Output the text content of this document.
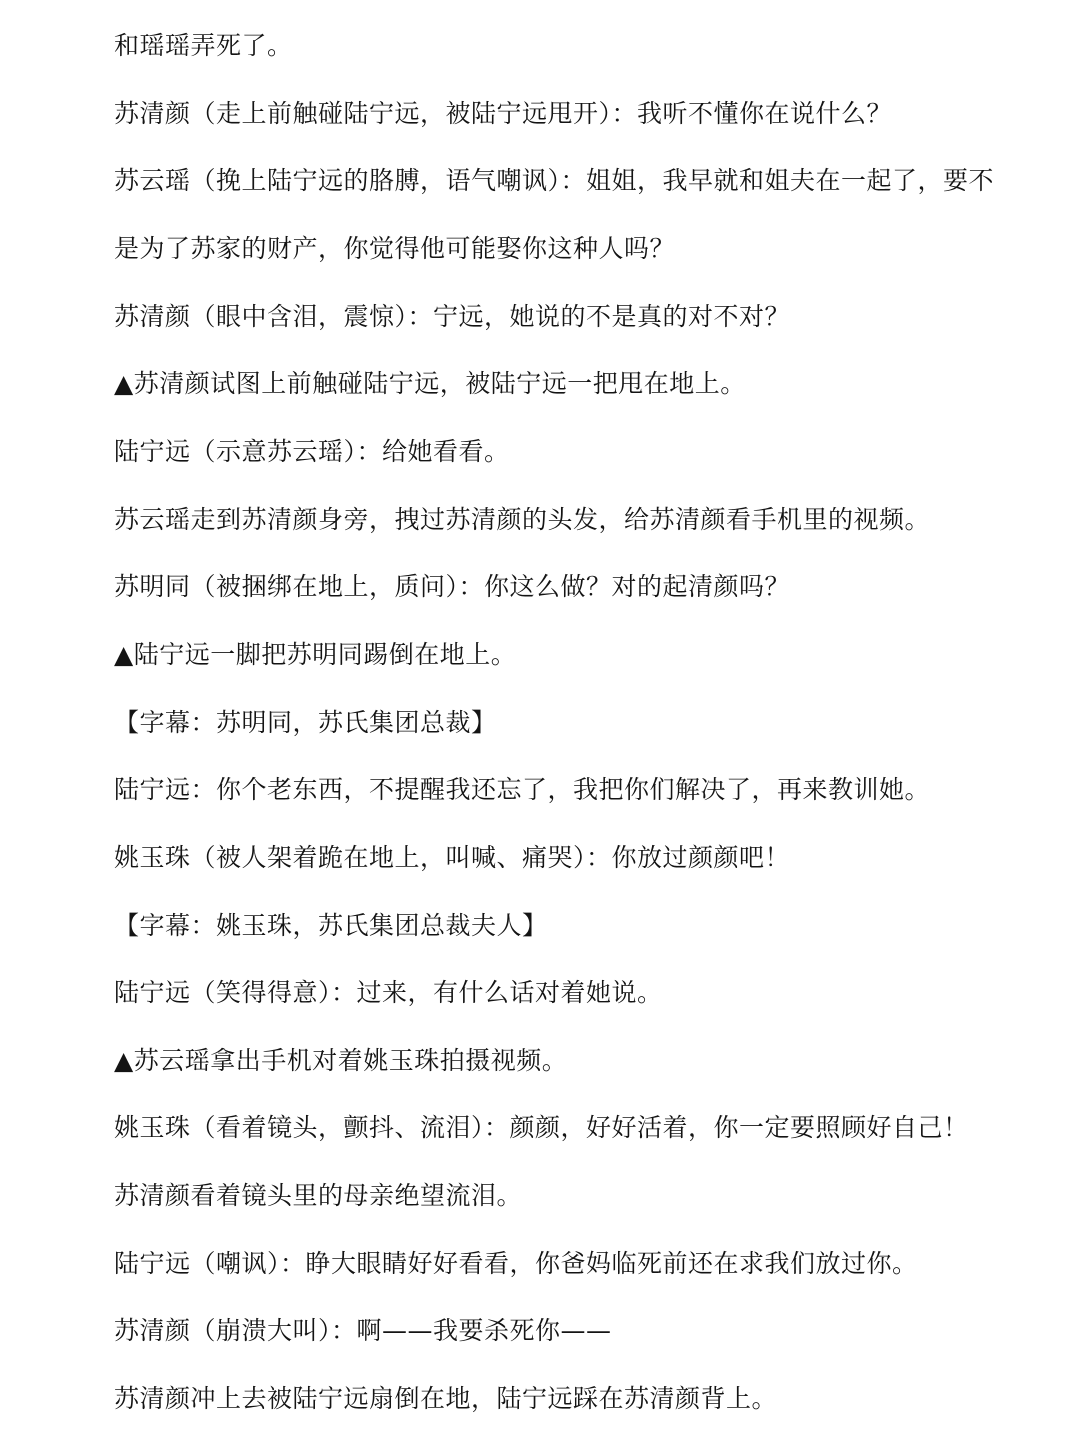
和瑶瑶弄死了。
苏清颜（走上前触碰陆宁远，被陆宁远甩开）：我听不懂你在说什么？
苏云瑶（挽上陆宁远的胳膊，语气嘲讽）：姐姐，我早就和姐夫在一起了，要不
是为了苏家的财产，你觉得他可能娶你这种人吗？
苏清颜（眼中含泪，震惊）：宁远，她说的不是真的对不对？
▲苏清颜试图上前触碰陆宁远，被陆宁远一把甩在地上。
陆宁远（示意苏云瑶）：给她看看。
苏云瑶走到苏清颜身旁，拽过苏清颜的头发，给苏清颜看手机里的视频。
苏明同（被捆绑在地上，质问）：你这么做？对的起清颜吗？
▲陆宁远一脚把苏明同踢倒在地上。
【字幕：苏明同，苏氏集团总裁】
陆宁远：你个老东西，不提醒我还忘了，我把你们解决了，再来教训她。
姚玉珠（被人架着跪在地上，叫喊、痛哭）：你放过颜颜吧！
【字幕：姚玉珠，苏氏集团总裁夫人】
陆宁远（笑得得意）：过来，有什么话对着她说。
▲苏云瑶拿出手机对着姚玉珠拍摄视频。
姚玉珠（看着镜头，颤抖、流泪）：颜颜，好好活着，你一定要照顾好自己！
苏清颜看着镜头里的母亲绝望流泪。
陆宁远（嘲讽）：睁大眼睛好好看看，你爸妈临死前还在求我们放过你。
苏清颜（崩溃大叫）：啊——我要杀死你——
苏清颜冲上去被陆宁远扇倒在地，陆宁远踩在苏清颜背上。
